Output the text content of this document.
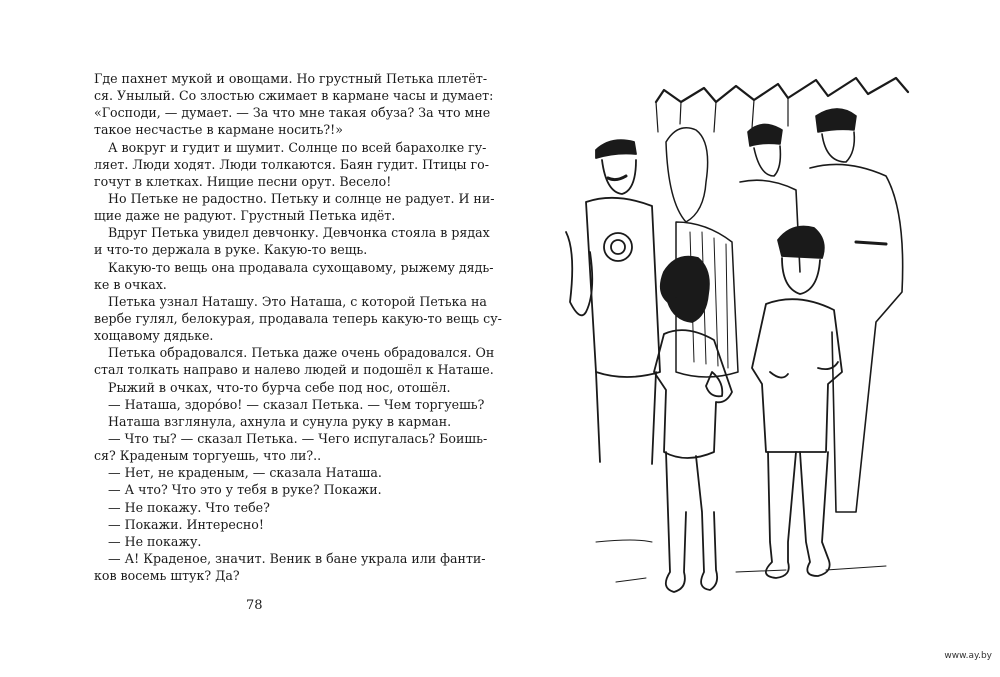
Где пахнет мукой и овощами. Но грустный Петька плетёт-
ся. Унылый. Со злостью сжимает в кармане часы и думает:
«Господи, — думает. — За что мне такая обуза? За что мне
такое несчастье в кармане носить?!»
А вокруг и гудит и шумит. Солнце по всей барахолке гу-
ляет. Люди ходят. Люди толкаются. Баян гудит. Птицы го-
гочут в клетках. Нищие песни орут. Весело!
Но Петьке не радостно. Петьку и солнце не радует. И ни-
щие даже не радуют. Грустный Петька идёт.
Вдруг Петька увидел девчонку. Девчонка стояла в рядах
и что-то держала в руке. Какую-то вещь.
Какую-то вещь она продавала сухощавому, рыжему дядь-
ке в очках.
Петька узнал Наташу. Это Наташа, с которой Петька на
вербе гулял, белокурая, продавала теперь какую-то вещь су-
хощавому дядьке.
Петька обрадовался. Петька даже очень обрадовался. Он
стал толкать направо и налево людей и подошёл к Наташе.
Рыжий в очках, что-то бурча себе под нос, отошёл.
— Наташа, здоро́во! — сказал Петька. — Чем торгуешь?
Наташа взглянула, ахнула и сунула руку в карман.
— Что ты? — сказал Петька. — Чего испугалась? Боишь-
ся? Краденым торгуешь, что ли?..
— Нет, не краденым, — сказала Наташа.
— А что? Что это у тебя в руке? Покажи.
— Не покажу. Что тебе?
— Покажи. Интересно!
— Не покажу.
— А! Краденое, значит. Веник в бане украла или фанти-
ков восемь штук? Да?
78
www.ay.by
